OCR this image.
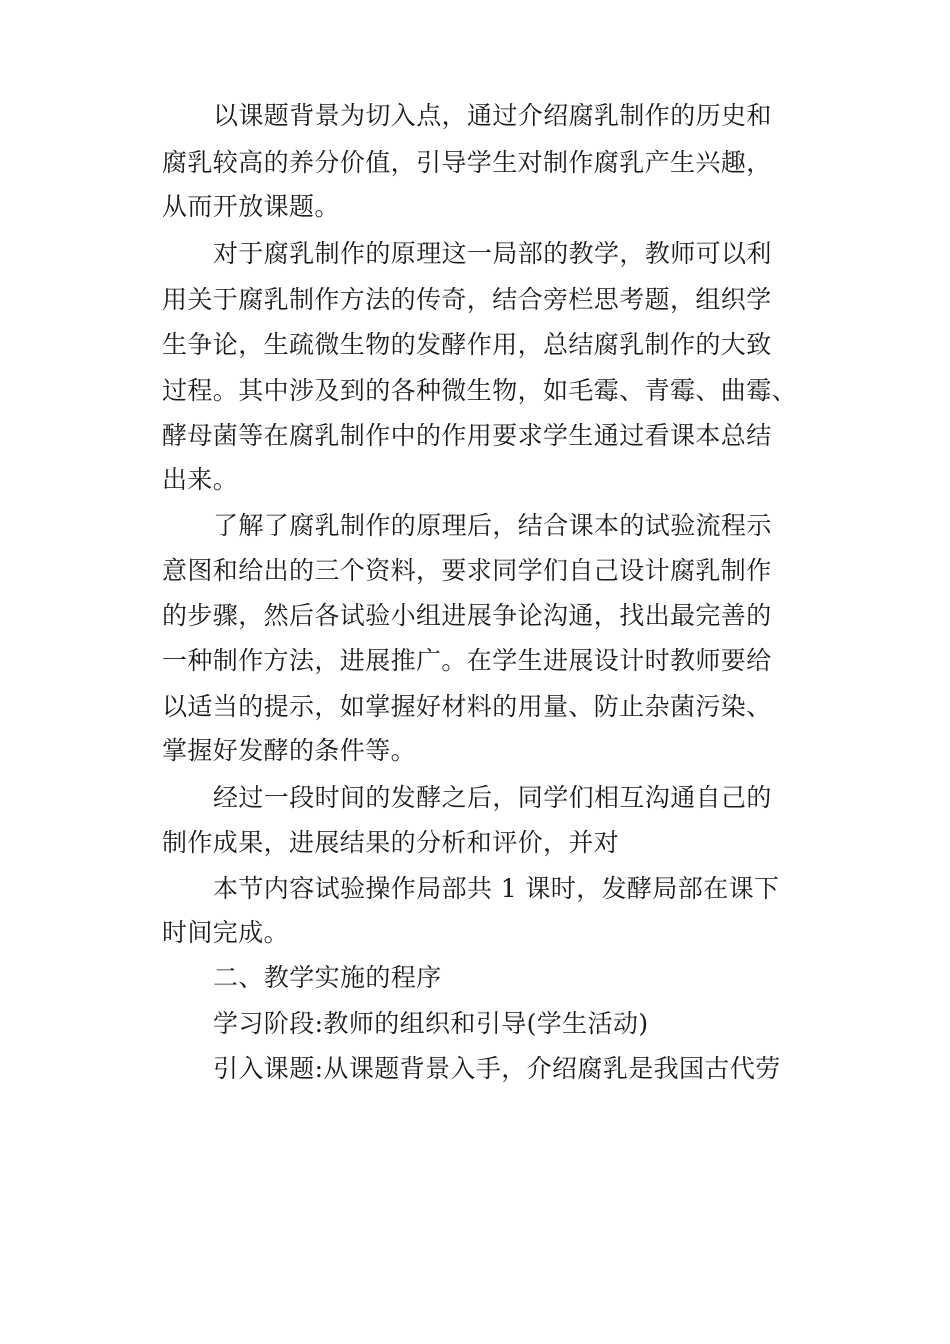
以课题背景为切入点，通过介绍腐乳制作的历史和
腐乳较高的养分价值，引导学生对制作腐乳产生兴趣，
从而开放课题。
对于腐乳制作的原理这一局部的教学，教师可以利
用关于腐乳制作方法的传奇，结合旁栏思考题，组织学
生争论，生疏微生物的发酵作用，总结腐乳制作的大致
过程。其中涉及到的各种微生物，如毛霉、青霉、曲霉、
酵母菌等在腐乳制作中的作用要求学生通过看课本总结
出来。
了解了腐乳制作的原理后，结合课本的试验流程示
意图和给出的三个资料，要求同学们自己设计腐乳制作
的步骤，然后各试验小组进展争论沟通，找出最完善的
一种制作方法，进展推广。在学生进展设计时教师要给
以适当的提示，如掌握好材料的用量、防止杂菌污染、
掌握好发酵的条件等。
经过一段时间的发酵之后，同学们相互沟通自己的
制作成果，进展结果的分析和评价，并对
本节内容试验操作局部共 1 课时，发酵局部在课下
时间完成。
二、教学实施的程序
学习阶段:教师的组织和引导(学生活动)
引入课题:从课题背景入手，介绍腐乳是我国古代劳
